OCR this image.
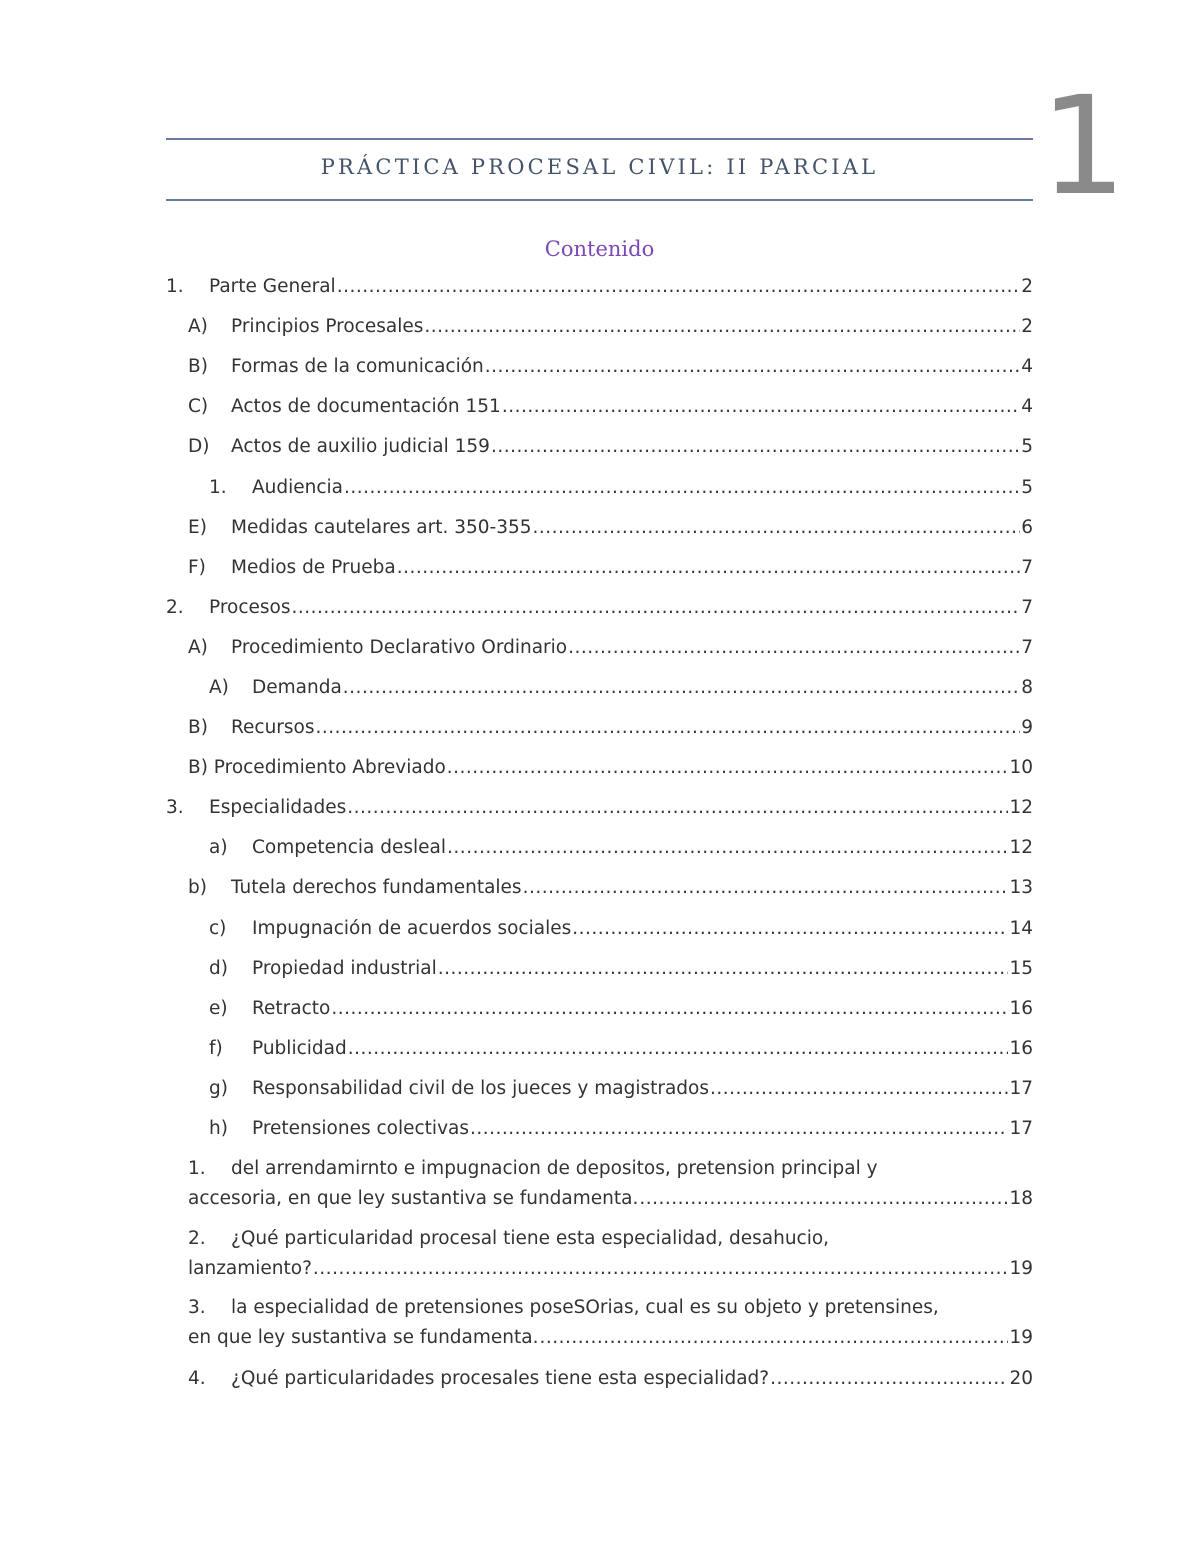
PRÁCTICA PROCESAL CIVIL: II PARCIAL	1
Contenido
1.	Parte General .....	2
A)	Principios Procesales .....	2
B)	Formas de la comunicación .....	4
C)	Actos de documentación 151 .....	4
D)	Actos de auxilio judicial 159 .....	5
1.	Audiencia .....	5
E)	Medidas cautelares art. 350-355 .....	6
F)	Medios de Prueba .....	7
2.	Procesos .....	7
A)	Procedimiento Declarativo Ordinario .....	7
A)	Demanda .....	8
B)	Recursos .....	9
B) Procedimiento Abreviado .....	10
3.	Especialidades .....	12
a)	Competencia desleal .....	12
b)	Tutela derechos fundamentales .....	13
c)	Impugnación de acuerdos sociales .....	14
d)	Propiedad industrial .....	15
e)	Retracto .....	16
f)	Publicidad .....	16
g)	Responsabilidad civil de los jueces y magistrados .....	17
h)	Pretensiones colectivas .....	17
1. del arrendamirnto e impugnacion de depositos, pretension principal y
accesoria, en que ley sustantiva se fundamenta. .....	18
2. ¿Qué particularidad procesal tiene esta especialidad, desahucio,
lanzamiento? .....	19
3. la especialidad de pretensiones poseSOrias, cual es su objeto y pretensines,
en que ley sustantiva se fundamenta. .....	19
4.	¿Qué particularidades procesales tiene esta especialidad? .....	20
